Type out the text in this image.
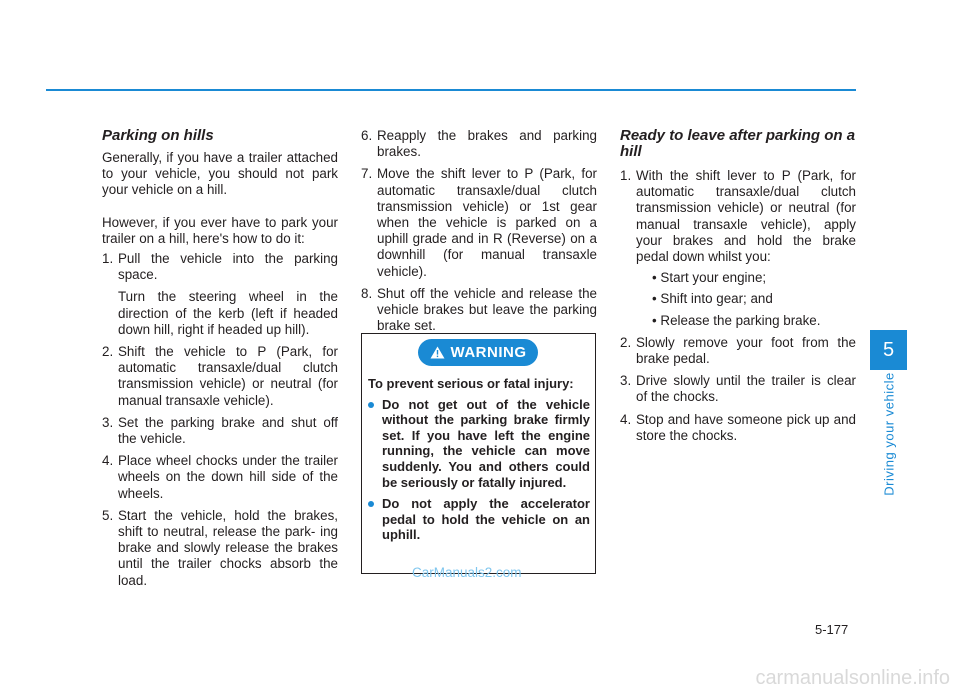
Parking on hills
Generally, if you have a trailer attached to your vehicle, you should not park your vehicle on a hill.
However, if you ever have to park your trailer on a hill, here's how to do it:
1. Pull the vehicle into the parking space.
Turn the steering wheel in the direction of the kerb (left if headed down hill, right if headed up hill).
2. Shift the vehicle to P (Park, for automatic transaxle/dual clutch transmission vehicle) or neutral (for manual transaxle vehicle).
3. Set the parking brake and shut off the vehicle.
4. Place wheel chocks under the trailer wheels on the down hill side of the wheels.
5. Start the vehicle, hold the brakes, shift to neutral, release the park- ing brake and slowly release the brakes until the trailer chocks absorb the load.
6. Reapply the brakes and parking brakes.
7. Move the shift lever to P (Park, for automatic transaxle/dual clutch transmission vehicle) or 1st gear when the vehicle is parked on a uphill grade and in R (Reverse) on a downhill (for manual transaxle vehicle).
8. Shut off the vehicle and release the vehicle brakes but leave the parking brake set.
WARNING

To prevent serious or fatal injury:

Do not get out of the vehicle without the parking brake firmly set. If you have left the engine running, the vehicle can move suddenly. You and others could be seriously or fatally injured.
Do not apply the accelerator pedal to hold the vehicle on an uphill.
Ready to leave after parking on a hill
1. With the shift lever to P (Park, for automatic transaxle/dual clutch transmission vehicle) or neutral (for manual transaxle vehicle), apply your brakes and hold the brake pedal down whilst you:
• Start your engine;
• Shift into gear; and
• Release the parking brake.
2. Slowly remove your foot from the brake pedal.
3. Drive slowly until the trailer is clear of the chocks.
4. Stop and have someone pick up and store the chocks.
CarManuals2.com
5
Driving your vehicle
5-177
carmanualsonline.info
